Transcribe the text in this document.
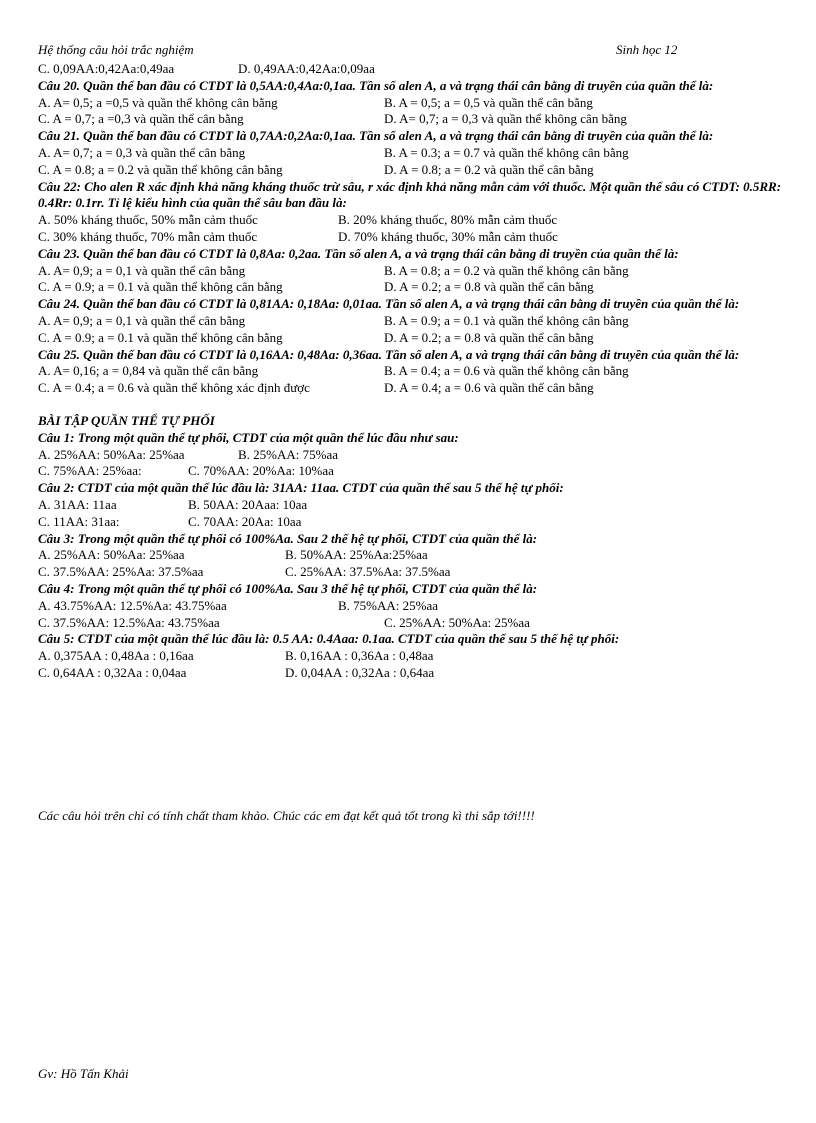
Hệ thống câu hỏi trắc nghiệm	Sinh học 12
C. 0,09AA:0,42Aa:0,49aa	D. 0,49AA:0,42Aa:0,09aa
Câu 20. Quần thể ban đầu có CTDT là 0,5AA:0,4Aa:0,1aa. Tần số alen A, a và trạng thái cân bằng di truyền của quần thể là:
A. A= 0,5; a =0,5 và quần thể không cân bằng	B. A = 0,5; a = 0,5 và quần thể cân bằng
C. A = 0,7; a =0,3 và quần thể cân bằng	D. A= 0,7; a = 0,3 và quần thể không cân bằng
Câu 21. Quần thể ban đầu có CTDT là 0,7AA:0,2Aa:0,1aa. Tần số alen A, a và trạng thái cân bằng di truyền của quần thể là:
A. A= 0,7; a = 0,3 và quần thể cân bằng	B. A = 0.3; a = 0.7 và quần thể không cân bằng
C. A = 0.8; a = 0.2 và quần thể không cân bằng	D. A = 0.8; a = 0.2 và quần thể cân bằng
Câu 22: Cho alen R xác định khả năng kháng thuốc trừ sâu, r xác định khả năng mẫn cảm với thuốc. Một quần thể sâu có CTDT: 0.5RR: 0.4Rr: 0.1rr. Tỉ lệ kiểu hình của quần thể sâu ban đầu là:
A. 50% kháng thuốc, 50% mẫn cảm thuốc	B. 20% kháng thuốc, 80% mẫn cảm thuốc
C. 30% kháng thuốc, 70% mẫn cảm thuốc	D. 70% kháng thuốc, 30% mẫn cảm thuốc
Câu 23. Quần thể ban đầu có CTDT là 0,8Aa: 0,2aa. Tần số alen A, a và trạng thái cân bằng di truyền của quần thể là:
A. A= 0,9; a = 0,1 và quần thể cân bằng	B. A = 0.8; a = 0.2 và quần thể không cân bằng
C. A = 0.9; a = 0.1 và quần thể không cân bằng	D. A = 0.2; a = 0.8 và quần thể cân bằng
Câu 24. Quần thể ban đầu có CTDT là 0,81AA: 0,18Aa: 0,01aa. Tần số alen A, a và trạng thái cân bằng di truyền của quần thể là:
A. A= 0,9; a = 0,1 và quần thể cân bằng	B. A = 0.9; a = 0.1 và quần thể không cân bằng
C. A = 0.9; a = 0.1 và quần thể không cân bằng	D. A = 0.2; a = 0.8 và quần thể cân bằng
Câu 25. Quần thể ban đầu có CTDT là 0,16AA: 0,48Aa: 0,36aa. Tần số alen A, a và trạng thái cân bằng di truyền của quần thể là:
A. A= 0,16; a = 0,84 và quần thể cân bằng	B. A = 0.4; a = 0.6 và quần thể không cân bằng
C. A = 0.4; a = 0.6 và quần thể không xác định được	D. A = 0.4; a = 0.6 và quần thể cân bằng
BÀI TẬP QUẦN THỂ TỰ PHỐI
Câu 1: Trong một quần thể tự phối, CTDT của một quần thể lúc đầu như sau:
A. 25%AA: 50%Aa: 25%aa	B. 25%AA: 75%aa
C. 75%AA: 25%aa:	C. 70%AA: 20%Aa: 10%aa
Câu 2: CTDT của một quần thể lúc đầu là: 31AA: 11aa. CTDT của quần thể sau 5 thế hệ tự phối:
A. 31AA: 11aa	B. 50AA: 20Aaa: 10aa
C. 11AA: 31aa:	C. 70AA: 20Aa: 10aa
Câu 3: Trong một quần thể tự phối có 100%Aa. Sau 2 thế hệ tự phối, CTDT của quần thể là:
A. 25%AA: 50%Aa: 25%aa	B. 50%AA: 25%Aa:25%aa
C. 37.5%AA: 25%Aa: 37.5%aa	C. 25%AA: 37.5%Aa: 37.5%aa
Câu 4: Trong một quần thể tự phối có 100%Aa. Sau 3 thế hệ tự phối, CTDT của quần thể là:
A. 43.75%AA: 12.5%Aa: 43.75%aa	B. 75%AA: 25%aa
C. 37.5%AA: 12.5%Aa: 43.75%aa	C. 25%AA: 50%Aa: 25%aa
Câu 5: CTDT của một quần thể lúc đầu là: 0.5 AA: 0.4Aaa: 0.1aa. CTDT của quần thể sau 5 thế hệ tự phối:
A. 0,375AA : 0,48Aa : 0,16aa	B. 0,16AA : 0,36Aa : 0,48aa
C. 0,64AA : 0,32Aa : 0,04aa	D. 0,04AA : 0,32Aa : 0,64aa
Các câu hỏi trên chỉ có tính chất tham khảo. Chúc các em đạt kết quả tốt trong kì thi sắp tới!!!!
Gv: Hồ Tấn Khải
